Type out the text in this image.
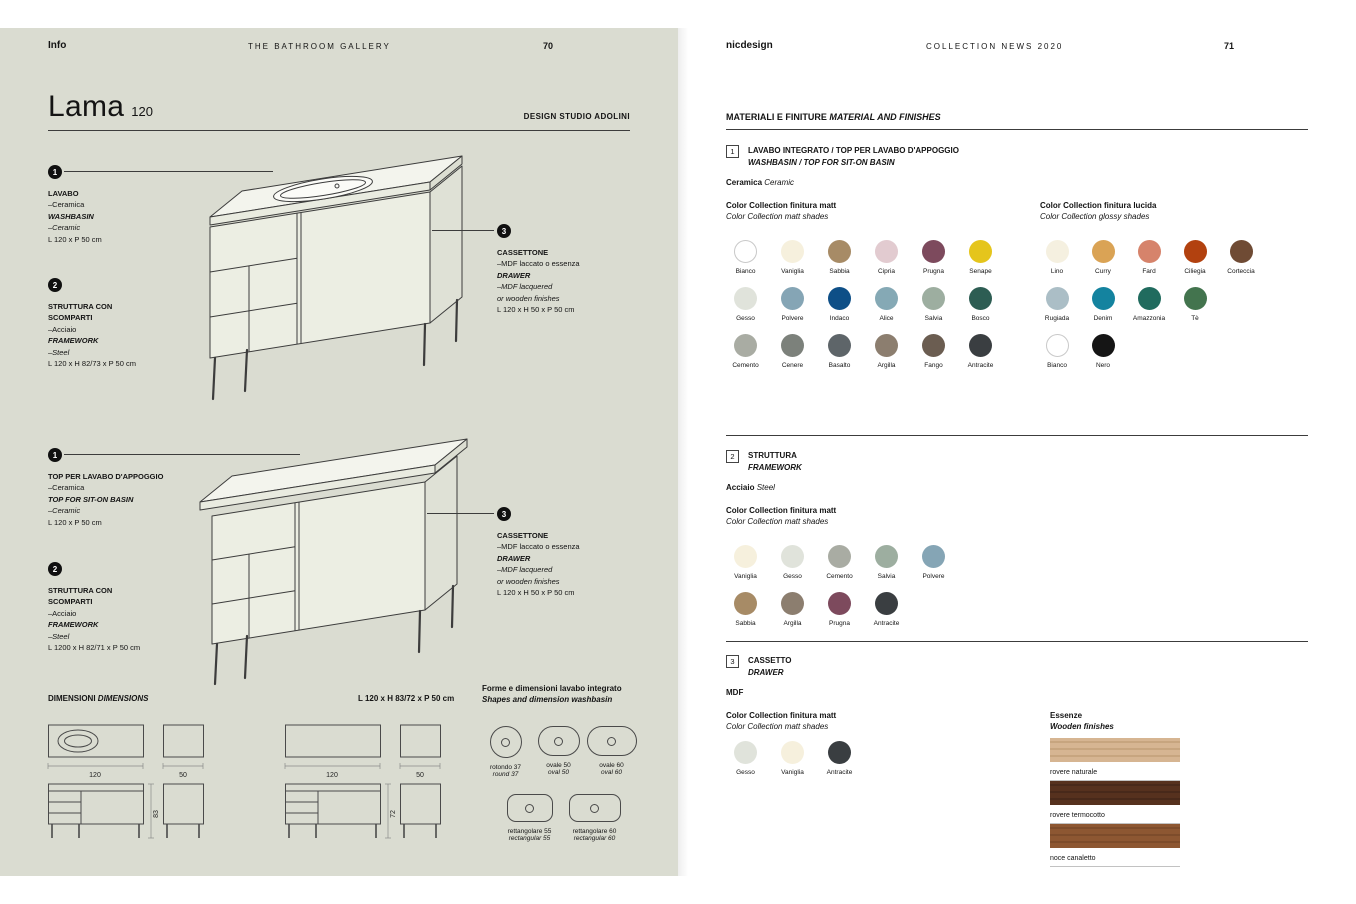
Info	THE BATHROOM GALLERY	70
Lama 120	DESIGN STUDIO ADOLINI
1
LAVABO
–Ceramica
WASHBASIN
–Ceramic
L 120 x P 50 cm
2
STRUTTURA CON
SCOMPARTI
–Acciaio
FRAMEWORK
–Steel
L 120 x H 82/73 x P 50 cm
3
CASSETTONE
–MDF laccato o essenza
DRAWER
–MDF lacquered
or wooden finishes
L 120 x H 50 x P 50 cm
1
TOP PER LAVABO D'APPOGGIO
–Ceramica
TOP FOR SIT-ON BASIN
–Ceramic
L 120 x P 50 cm
2
STRUTTURA CON
SCOMPARTI
–Acciaio
FRAMEWORK
–Steel
L 1200 x H 82/71 x P 50 cm
3
CASSETTONE
–MDF laccato o essenza
DRAWER
–MDF lacquered
or wooden finishes
L 120 x H 50 x P 50 cm
DIMENSIONI DIMENSIONS	L 120 x H 83/72 x P 50 cm
120	50
83
120	50
72
Forme e dimensioni lavabo integrato
Shapes and dimension washbasin
rotondo 37
round 37
ovale 50
oval 50
ovale 60
oval 60
rettangolare 55
rectangular 55
rettangolare 60
rectangular 60
nicdesign	COLLECTION NEWS 2020	71
MATERIALI E FINITURE MATERIAL AND FINISHES
1	LAVABO INTEGRATO / TOP PER LAVABO D'APPOGGIO
WASHBASIN / TOP FOR SIT-ON BASIN
Ceramica Ceramic
Color Collection finitura matt
Color Collection matt shades
Color Collection finitura lucida
Color Collection glossy shades
Bianco	Vaniglia	Sabbia	Cipria	Prugna	Senape
Gesso	Polvere	Indaco	Alice	Salvia	Bosco
Cemento	Cenere	Basalto	Argilla	Fango	Antracite
Lino	Curry	Fard	Ciliegia	Corteccia
Rugiada	Denim	Amazzonia	Tè
Bianco	Nero
2	STRUTTURA
FRAMEWORK
Acciaio Steel
Color Collection finitura matt
Color Collection matt shades
Vaniglia	Gesso	Cemento	Salvia	Polvere
Sabbia	Argilla	Prugna	Antracite
3	CASSETTO
DRAWER
MDF
Color Collection finitura matt
Color Collection matt shades
Gesso	Vaniglia	Antracite
Essenze
Wooden finishes
rovere naturale
rovere termocotto
noce canaletto
